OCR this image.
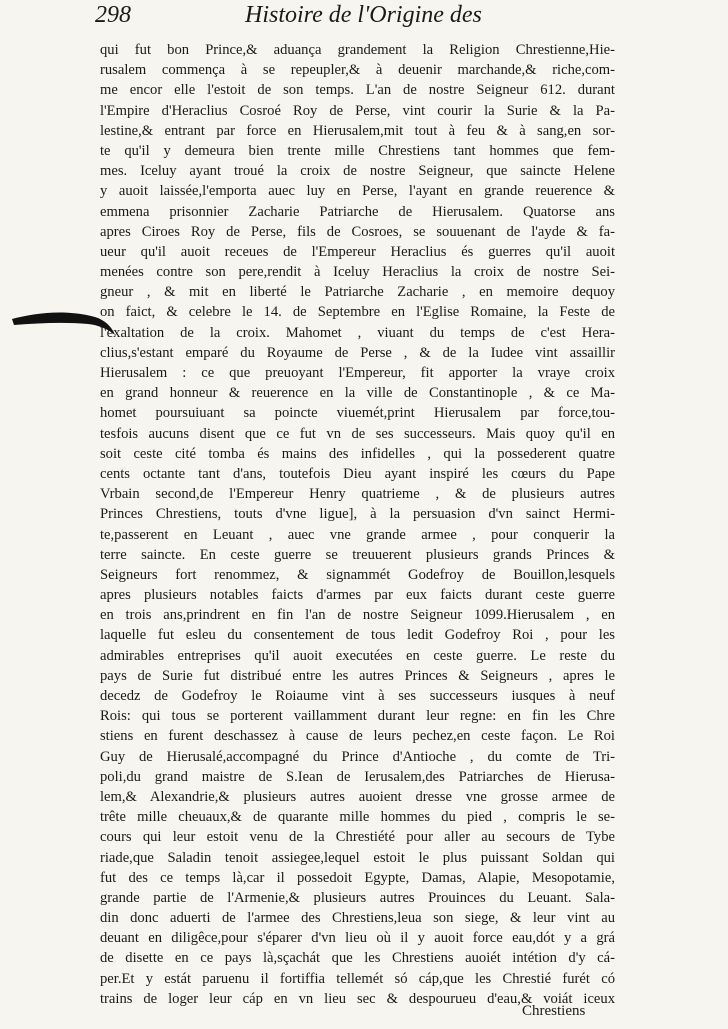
298	Histoire de l'Origine des
qui fut bon Prince,& aduança grandement la Religion Chrestienne,Hie-
rusalem commença à se repeupler,& à deuenir marchande,& riche,com-
me encor elle l'estoit de son temps. L'an de nostre Seigneur 612. durant
l'Empire d'Heraclius Cosroé Roy de Perse, vint courir la Surie & la Pa-
lestine,& entrant par force en Hierusalem,mit tout à feu & à sang,en sor-
te qu'il y demeura bien trente mille Chrestiens tant hommes que fem-
mes. Iceluy ayant troué la croix de nostre Seigneur, que saincte Helene
y auoit laissée,l'emporta auec luy en Perse, l'ayant en grande reuerence &
emmena prisonnier Zacharie Patriarche de Hierusalem. Quatorse ans
apres Ciroes Roy de Perse, fils de Cosroes, se souuenant de l'ayde & fa-
ueur qu'il auoit receues de l'Empereur Heraclius és guerres qu'il auoit
menées contre son pere,rendit à Iceluy Heraclius la croix de nostre Sei-
gneur , & mit en liberté le Patriarche Zacharie , en memoire dequoy
on faict, & celebre le 14. de Septembre en l'Eglise Romaine, la Feste de
l'exaltation de la croix. Mahomet , viuant du temps de c'est Hera-
clius,s'estant emparé du Royaume de Perse , & de la Iudee vint assaillir
Hierusalem : ce que preuoyant l'Empereur, fit apporter la vraye croix
en grand honneur & reuerence en la ville de Constantinople , & ce Ma-
homet poursuiuant sa poincte viuemét,print Hierusalem par force,tou-
tesfois aucuns disent que ce fut vn de ses successeurs. Mais quoy qu'il en
soit ceste cité tomba és mains des infidelles , qui la possederent quatre
cents octante tant d'ans, toutefois Dieu ayant inspiré les cœurs du Pape
Vrbain second,de l'Empereur Henry quatrieme , & de plusieurs autres
Princes Chrestiens, touts d'vne ligue], à la persuasion d'vn sainct Hermi-
te,passerent en Leuant , auec vne grande armee , pour conquerir la
terre saincte. En ceste guerre se treuuerent plusieurs grands Princes &
Seigneurs fort renommez, & signammét Godefroy de Bouillon,lesquels
apres plusieurs notables faicts d'armes par eux faicts durant ceste guerre
en trois ans,prindrent en fin l'an de nostre Seigneur 1099.Hierusalem , en
laquelle fut esleu du consentement de tous ledit Godefroy Roi , pour les
admirables entreprises qu'il auoit executées en ceste guerre. Le reste du
pays de Surie fut distribué entre les autres Princes & Seigneurs , apres le
decedz de Godefroy le Roiaume vint à ses successeurs iusques à neuf
Rois: qui tous se porterent vaillamment durant leur regne: en fin les Chre
stiens en furent deschassez à cause de leurs pechez,en ceste façon. Le Roi
Guy de Hierusalé,accompagné du Prince d'Antioche , du comte de Tri-
poli,du grand maistre de S.Iean de Ierusalem,des Patriarches de Hierusa-
lem,& Alexandrie,& plusieurs autres auoient dresse vne grosse armee de
trête mille cheuaux,& de quarante mille hommes du pied , compris le se-
cours qui leur estoit venu de la Chrestiété pour aller au secours de Tybe
riade,que Saladin tenoit assiegee,lequel estoit le plus puissant Soldan qui
fut des ce temps là,car il possedoit Egypte, Damas, Alapie, Mesopotamie,
grande partie de l'Armenie,& plusieurs autres Prouinces du Leuant. Sala-
din donc aduerti de l'armee des Chrestiens,leua son siege, & leur vint au
deuant en diligêce,pour s'éparer d'vn lieu où il y auoit force eau,dót y a grá
de disette en ce pays là,sçachát que les Chrestiens auoiét intétion d'y cá-
per.Et y estát paruenu il fortiffia tellemét só cáp,que les Chrestié furét có
trains de loger leur cáp en vn lieu sec & despourueu d'eau,& voiát iceux
Chrestiens
